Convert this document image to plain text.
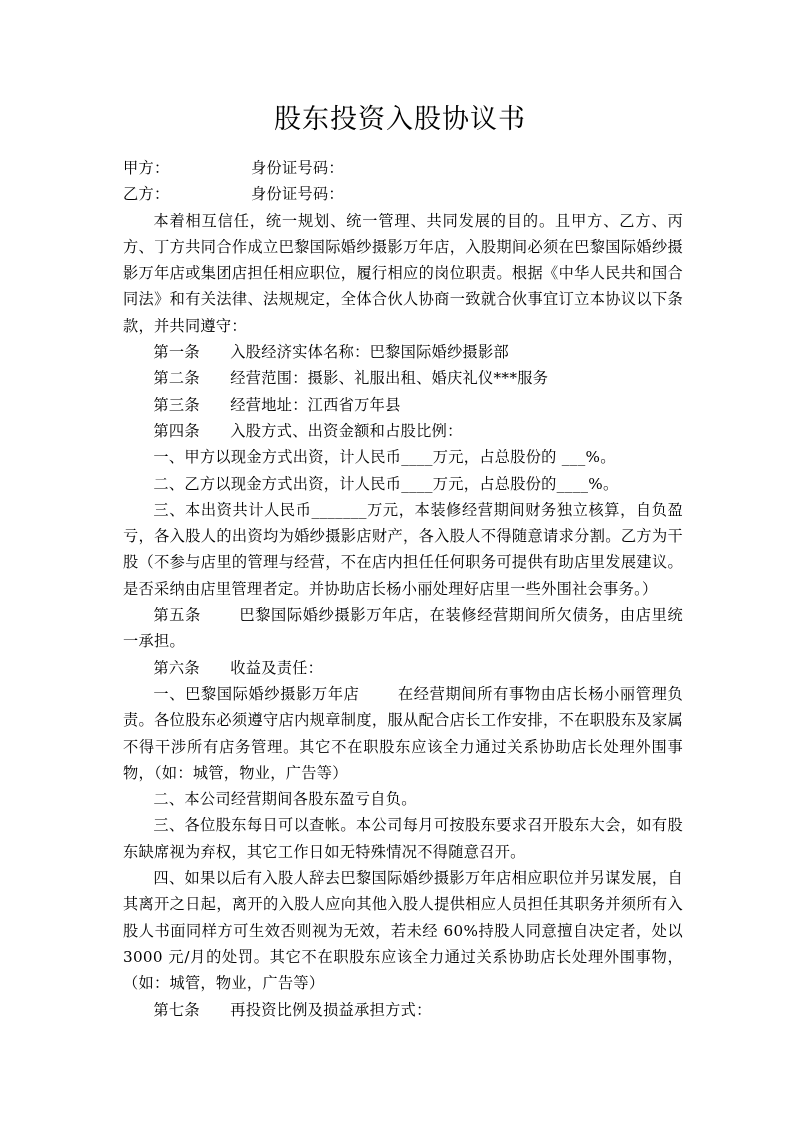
股东投资入股协议书
甲方：	身份证号码：
乙方：	身份证号码：

本着相互信任，统一规划、统一管理、共同发展的目的。且甲方、乙方、丙方、丁方共同合作成立巴黎国际婚纱摄影万年店，入股期间必须在巴黎国际婚纱摄影万年店或集团店担任相应职位，履行相应的岗位职责。根据《中华人民共和国合同法》和有关法律、法规规定，全体合伙人协商一致就合伙事宜订立本协议以下条款，并共同遵守：

第一条 入股经济实体名称：巴黎国际婚纱摄影部

第二条 经营范围：摄影、礼服出租、婚庆礼仪***服务

第三条 经营地址：江西省万年县

第四条 入股方式、出资金额和占股比例：

一、甲方以现金方式出资，计人民币____万元，占总股份的 ___%。

二、乙方以现金方式出资，计人民币____万元，占总股份的____%。

三、本出资共计人民币_______万元，本装修经营期间财务独立核算，自负盈亏，各入股人的出资均为婚纱摄影店财产，各入股人不得随意请求分割。乙方为干股（不参与店里的管理与经营，不在店内担任任何职务可提供有助店里发展建议。是否采纳由店里管理者定。并协助店长杨小丽处理好店里一些外围社会事务。）

第五条	巴黎国际婚纱摄影万年店，在装修经营期间所欠债务，由店里统一承担。

第六条 收益及责任：

一、巴黎国际婚纱摄影万年店	在经营期间所有事物由店长杨小丽管理负责。各位股东必须遵守店内规章制度，服从配合店长工作安排，不在职股东及家属不得干涉所有店务管理。其它不在职股东应该全力通过关系协助店长处理外围事物，（如：城管，物业，广告等）

二、本公司经营期间各股东盈亏自负。

三、各位股东每日可以查帐。本公司每月可按股东要求召开股东大会，如有股东缺席视为弃权，其它工作日如无特殊情况不得随意召开。

四、如果以后有入股人辞去巴黎国际婚纱摄影万年店相应职位并另谋发展，自其离开之日起，离开的入股人应向其他入股人提供相应人员担任其职务并须所有入股人书面同样方可生效否则视为无效，若未经 60%持股人同意擅自决定者，处以 3000 元/月的处罚。其它不在职股东应该全力通过关系协助店长处理外围事物，（如：城管，物业，广告等）

第七条 再投资比例及损益承担方式：
